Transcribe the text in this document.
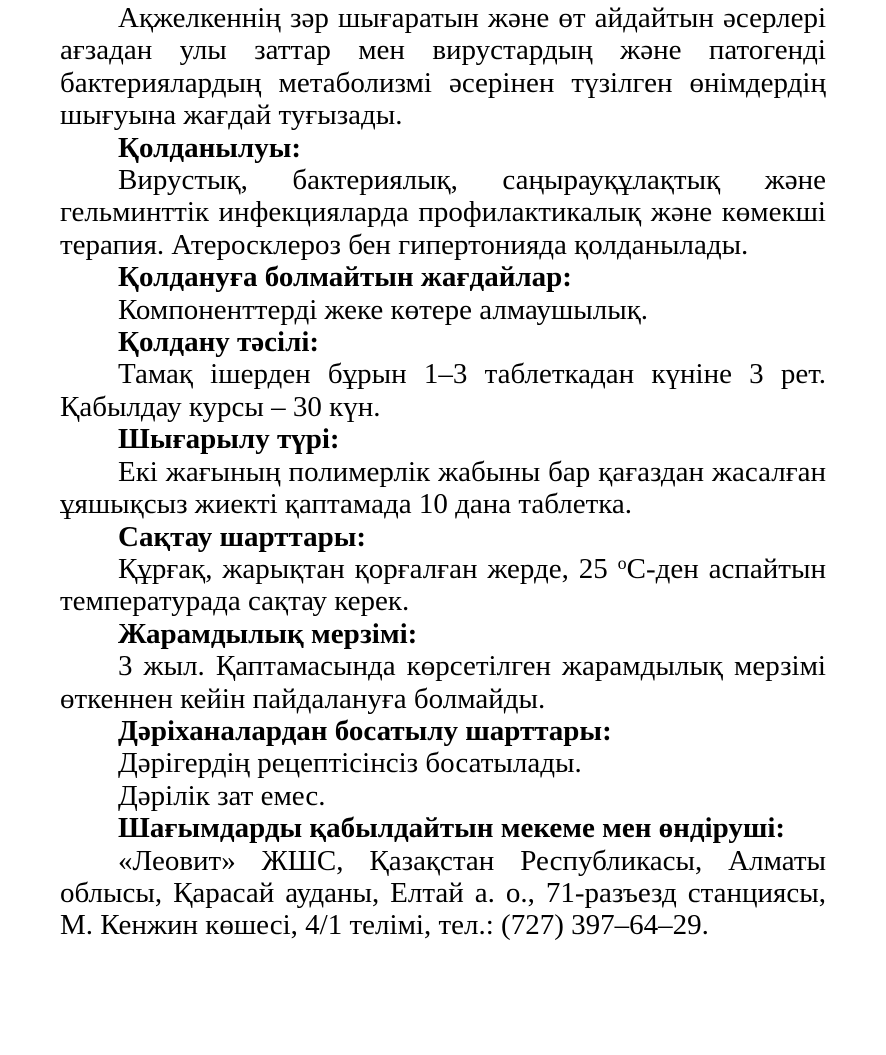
Ақжелкеннің зәр шығаратын және өт айдайтын әсерлері ағзадан улы заттар мен вирустардың және патогенді бактериялардың метаболизмі әсерінен түзілген өнімдердің шығуына жағдай туғызады.

Қолданылуы:

Вирустық, бактериялық, саңырауқұлақтық және гельминттік инфекцияларда профилактикалық және көмекші терапия. Атеросклероз бен гипертонияда қолданылады.

Қолдануға болмайтын жағдайлар:

Компоненттерді жеке көтере алмаушылық.

Қолдану тәсілі:

Тамақ ішерден бұрын 1–3 таблеткадан күніне 3 рет. Қабылдау курсы – 30 күн.

Шығарылу түрі:

Екі жағының полимерлік жабыны бар қағаздан жасалған ұяшықсыз жиекті қаптамада 10 дана таблетка.

Сақтау шарттары:

Құрғақ, жарықтан қорғалған жерде, 25 $^о$С-ден аспайтын температурада сақтау керек.

Жарамдылық мерзімі:

3 жыл. Қаптамасында көрсетілген жарамдылық мерзімі өткеннен кейін пайдалануға болмайды.

Дәріханалардан босатылу шарттары:

Дәрігердің рецептісінсіз босатылады.

Дәрілік зат емес.

Шағымдарды қабылдайтын мекеме мен өндіруші:

«Леовит» ЖШС, Қазақстан Республикасы, Алматы облысы, Қарасай ауданы, Елтай а. о., 71-разъезд станциясы, М. Кенжин көшесі, 4/1 телімі, тел.: (727) 397–64–29.
